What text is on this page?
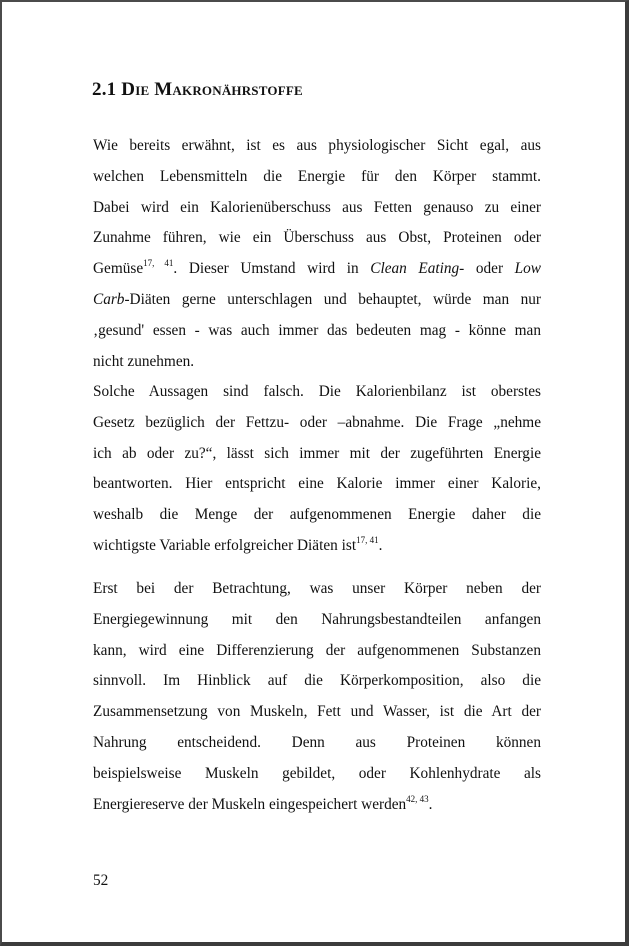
2.1 Die Makronährstoffe
Wie bereits erwähnt, ist es aus physiologischer Sicht egal, aus
welchen Lebensmitteln die Energie für den Körper stammt.
Dabei wird ein Kalorienüberschuss aus Fetten genauso zu einer
Zunahme führen, wie ein Überschuss aus Obst, Proteinen oder
Gemüse$^{17, 41}$. Dieser Umstand wird in Clean Eating- oder Low
Carb-Diäten gerne unterschlagen und behauptet, würde man nur
‚gesund' essen - was auch immer das bedeuten mag - könne man
nicht zunehmen.
Solche Aussagen sind falsch. Die Kalorienbilanz ist oberstes
Gesetz bezüglich der Fettzu- oder –abnahme. Die Frage „nehme
ich ab oder zu?“, lässt sich immer mit der zugeführten Energie
beantworten. Hier entspricht eine Kalorie immer einer Kalorie,
weshalb die Menge der aufgenommenen Energie daher die
wichtigste Variable erfolgreicher Diäten ist$^{17, 41}$.
Erst bei der Betrachtung, was unser Körper neben der
Energiegewinnung mit den Nahrungsbestandteilen anfangen
kann, wird eine Differenzierung der aufgenommenen Substanzen
sinnvoll. Im Hinblick auf die Körperkomposition, also die
Zusammensetzung von Muskeln, Fett und Wasser, ist die Art der
Nahrung entscheidend. Denn aus Proteinen können
beispielsweise Muskeln gebildet, oder Kohlenhydrate als
Energiereserve der Muskeln eingespeichert werden$^{42, 43}$.

52
